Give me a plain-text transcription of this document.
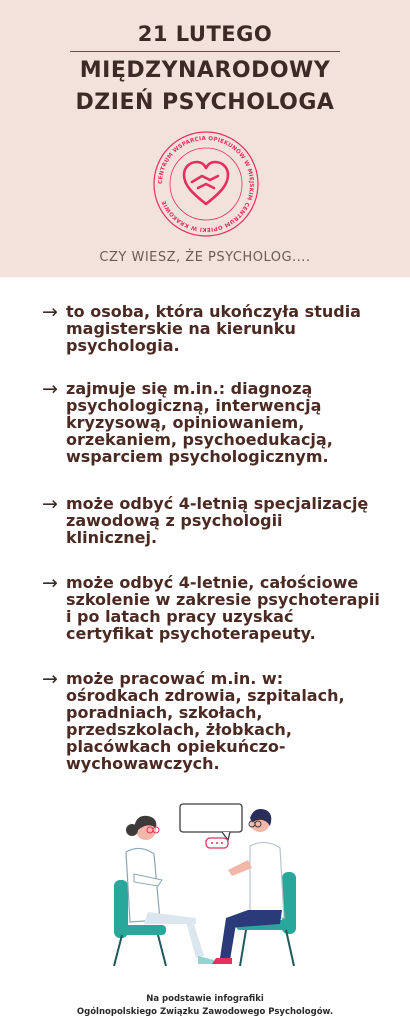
21 LUTEGO
MIĘDZYNARODOWY
DZIEŃ PSYCHOLOGA
CENTRUM WSPARCIA OPIEKUNÓW W MIEJSKIM CENTRUM OPIEKI W KRAKOWIE
CZY WIESZ, ŻE PSYCHOLOG....
→ to osoba, która ukończyła studia
magisterskie na kierunku
psychologia.
→ zajmuje się m.in.: diagnozą
psychologiczną, interwencją
kryzysową, opiniowaniem,
orzekaniem, psychoedukacją,
wsparciem psychologicznym.
→ może odbyć 4-letnią specjalizację
zawodową z psychologii
klinicznej.
→ może odbyć 4-letnie, całościowe
szkolenie w zakresie psychoterapii
i po latach pracy uzyskać
certyfikat psychoterapeuty.
→ może pracować m.in. w:
ośrodkach zdrowia, szpitalach,
poradniach, szkołach,
przedszkolach, żłobkach,
placówkach opiekuńczo-
wychowawczych.
Na podstawie infografiki
Ogólnopolskiego Związku Zawodowego Psychologów.
